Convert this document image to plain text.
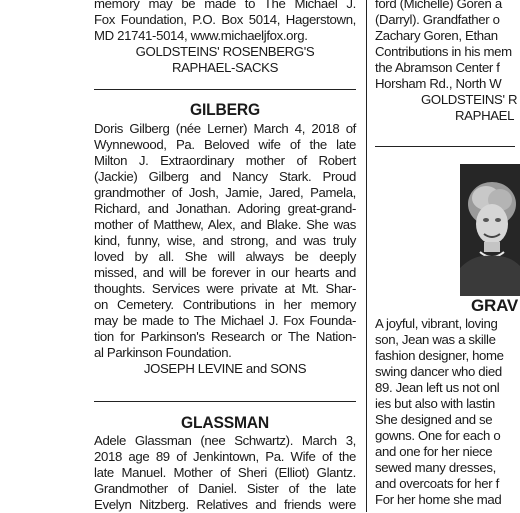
memory may be made to The Michael J.
Fox Foundation, P.O. Box 5014, Hagerstown,
MD 21741-5014, www.michaeljfox.org.
GOLDSTEINS' ROSENBERG'S
RAPHAEL-SACKS
GILBERG
Doris Gilberg (née Lerner) March 4, 2018 of
Wynnewood, Pa. Beloved wife of the late
Milton J. Extraordinary mother of Robert
(Jackie) Gilberg and Nancy Stark. Proud
grandmother of Josh, Jamie, Jared, Pamela,
Richard, and Jonathan. Adoring great-grand-
mother of Matthew, Alex, and Blake. She was
kind, funny, wise, and strong, and was truly
loved by all. She will always be deeply
missed, and will be forever in our hearts and
thoughts. Services were private at Mt. Shar-
on Cemetery. Contributions in her memory
may be made to The Michael J. Fox Founda-
tion for Parkinson's Research or The Nation-
al Parkinson Foundation.
JOSEPH LEVINE and SONS
GLASSMAN
Adele Glassman (nee Schwartz). March 3,
2018 age 89 of Jenkintown, Pa. Wife of the
late Manuel. Mother of Sheri (Elliot) Glantz.
Grandmother of Daniel. Sister of the late
Evelyn Nitzberg. Relatives and friends were
ford (Michelle) Goren a
(Darryl). Grandfather o
Zachary Goren, Ethan
Contributions in his mem
the Abramson Center f
Horsham Rd., North W
GOLDSTEINS' R
RAPHAEL
GRAV
A joyful, vibrant, loving
son, Jean was a skille
fashion designer, home
swing dancer who died
89. Jean left us not onl
ies but also with lastin
She designed and se
gowns. One for each o
and one for her niece
sewed many dresses,
and overcoats for her f
For her home she mad
